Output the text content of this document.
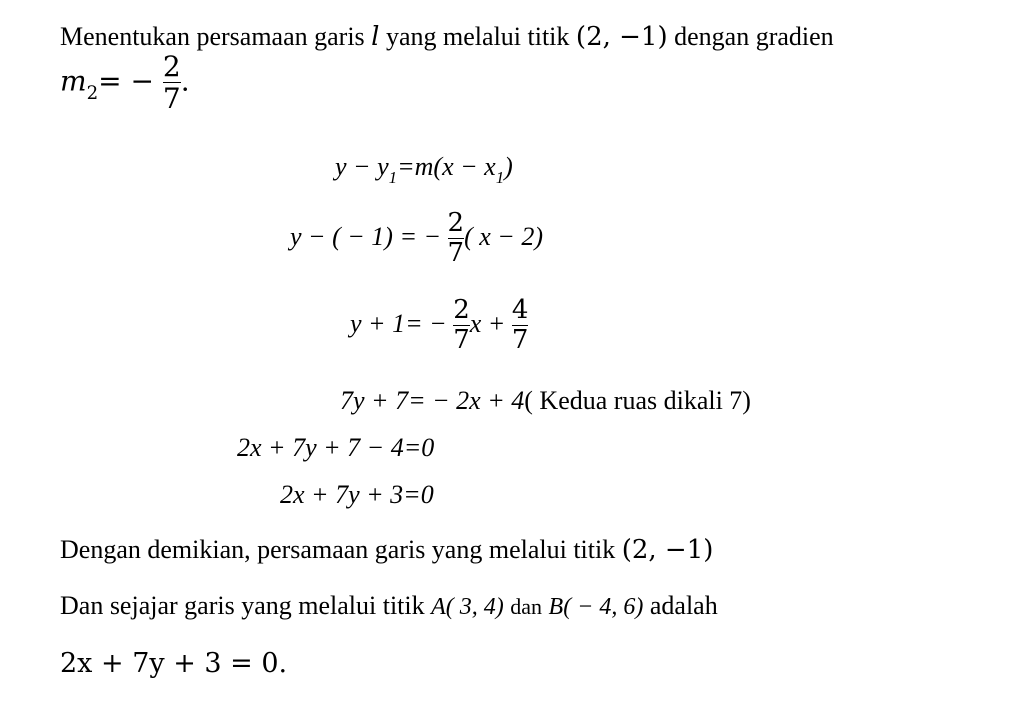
Menentukan persamaan garis l yang melalui titik (2, −1) dengan gradien
$m_2= - \frac{2}{7}$ .
$y - y_1=m(x - x_1)$
y − ( − 1) = − $\frac{2}{7}$ ( x − 2)
$y + 1= - \frac{2}{7}$ $x + \frac{4}{7}$
7y + 7= − 2x + 4( Kedua ruas dikali 7)
2x + 7y + 7 − 4=0
2x + 7y + 3=0
Dengan demikian, persamaan garis yang melalui titik (2, −1)
Dan sejajar garis yang melalui titik A( 3, 4) dan B( − 4, 6) adalah
2x + 7y + 3 = 0.
